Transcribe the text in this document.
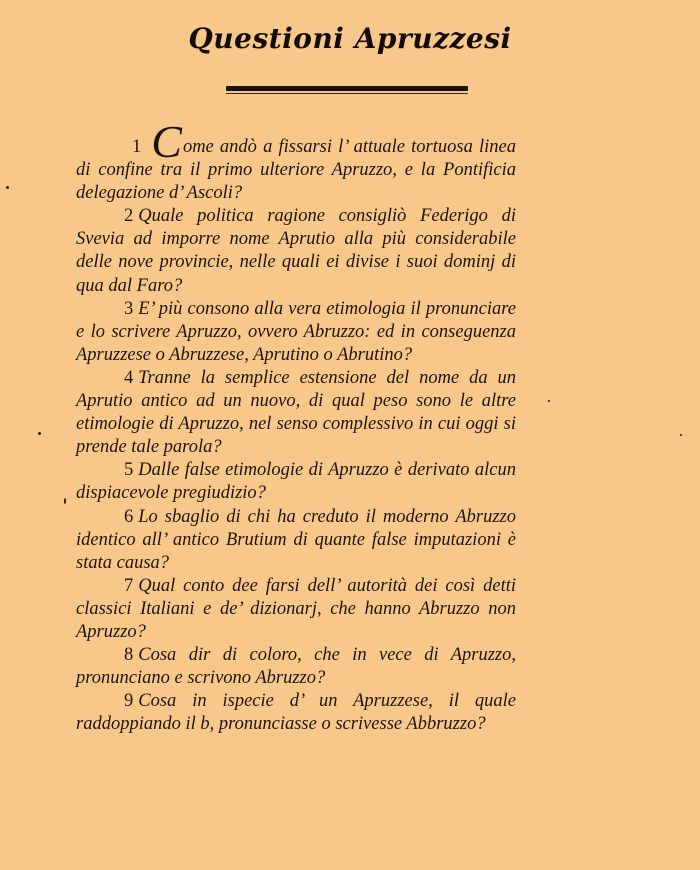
Questioni Apruzzesi

1 Come andò a fissarsi l’ attuale tortuosa linea di confine tra il primo ulteriore Apruzzo, e la Pontificia delegazione d’ Ascoli?

2 Quale politica ragione consigliò Federigo di Svevia ad imporre nome Aprutio alla più considerabile delle nove provincie, nelle quali ei divise i suoi dominj di qua dal Faro?

3 E’ più consono alla vera etimologia il pronunciare e lo scrivere Apruzzo, ovvero Abruzzo: ed in conseguenza Apruzzese o Abruzzese, Aprutino o Abrutino?

4 Tranne la semplice estensione del nome da un Aprutio antico ad un nuovo, di qual peso sono le altre etimologie di Apruzzo, nel senso complessivo in cui oggi si prende tale parola?

5 Dalle false etimologie di Apruzzo è derivato alcun dispiacevole pregiudizio?

6 Lo sbaglio di chi ha creduto il moderno Abruzzo identico all’ antico Brutium di quante false imputazioni è stata causa?

7 Qual conto dee farsi dell’ autorità dei così detti classici Italiani e de’ dizionarj, che hanno Abruzzo non Apruzzo?

8 Cosa dir di coloro, che in vece di Apruzzo, pronunciano e scrivono Abruzzo?

9 Cosa in ispecie d’ un Apruzzese, il quale raddoppiando il b, pronunciasse o scrivesse Abbruzzo?
